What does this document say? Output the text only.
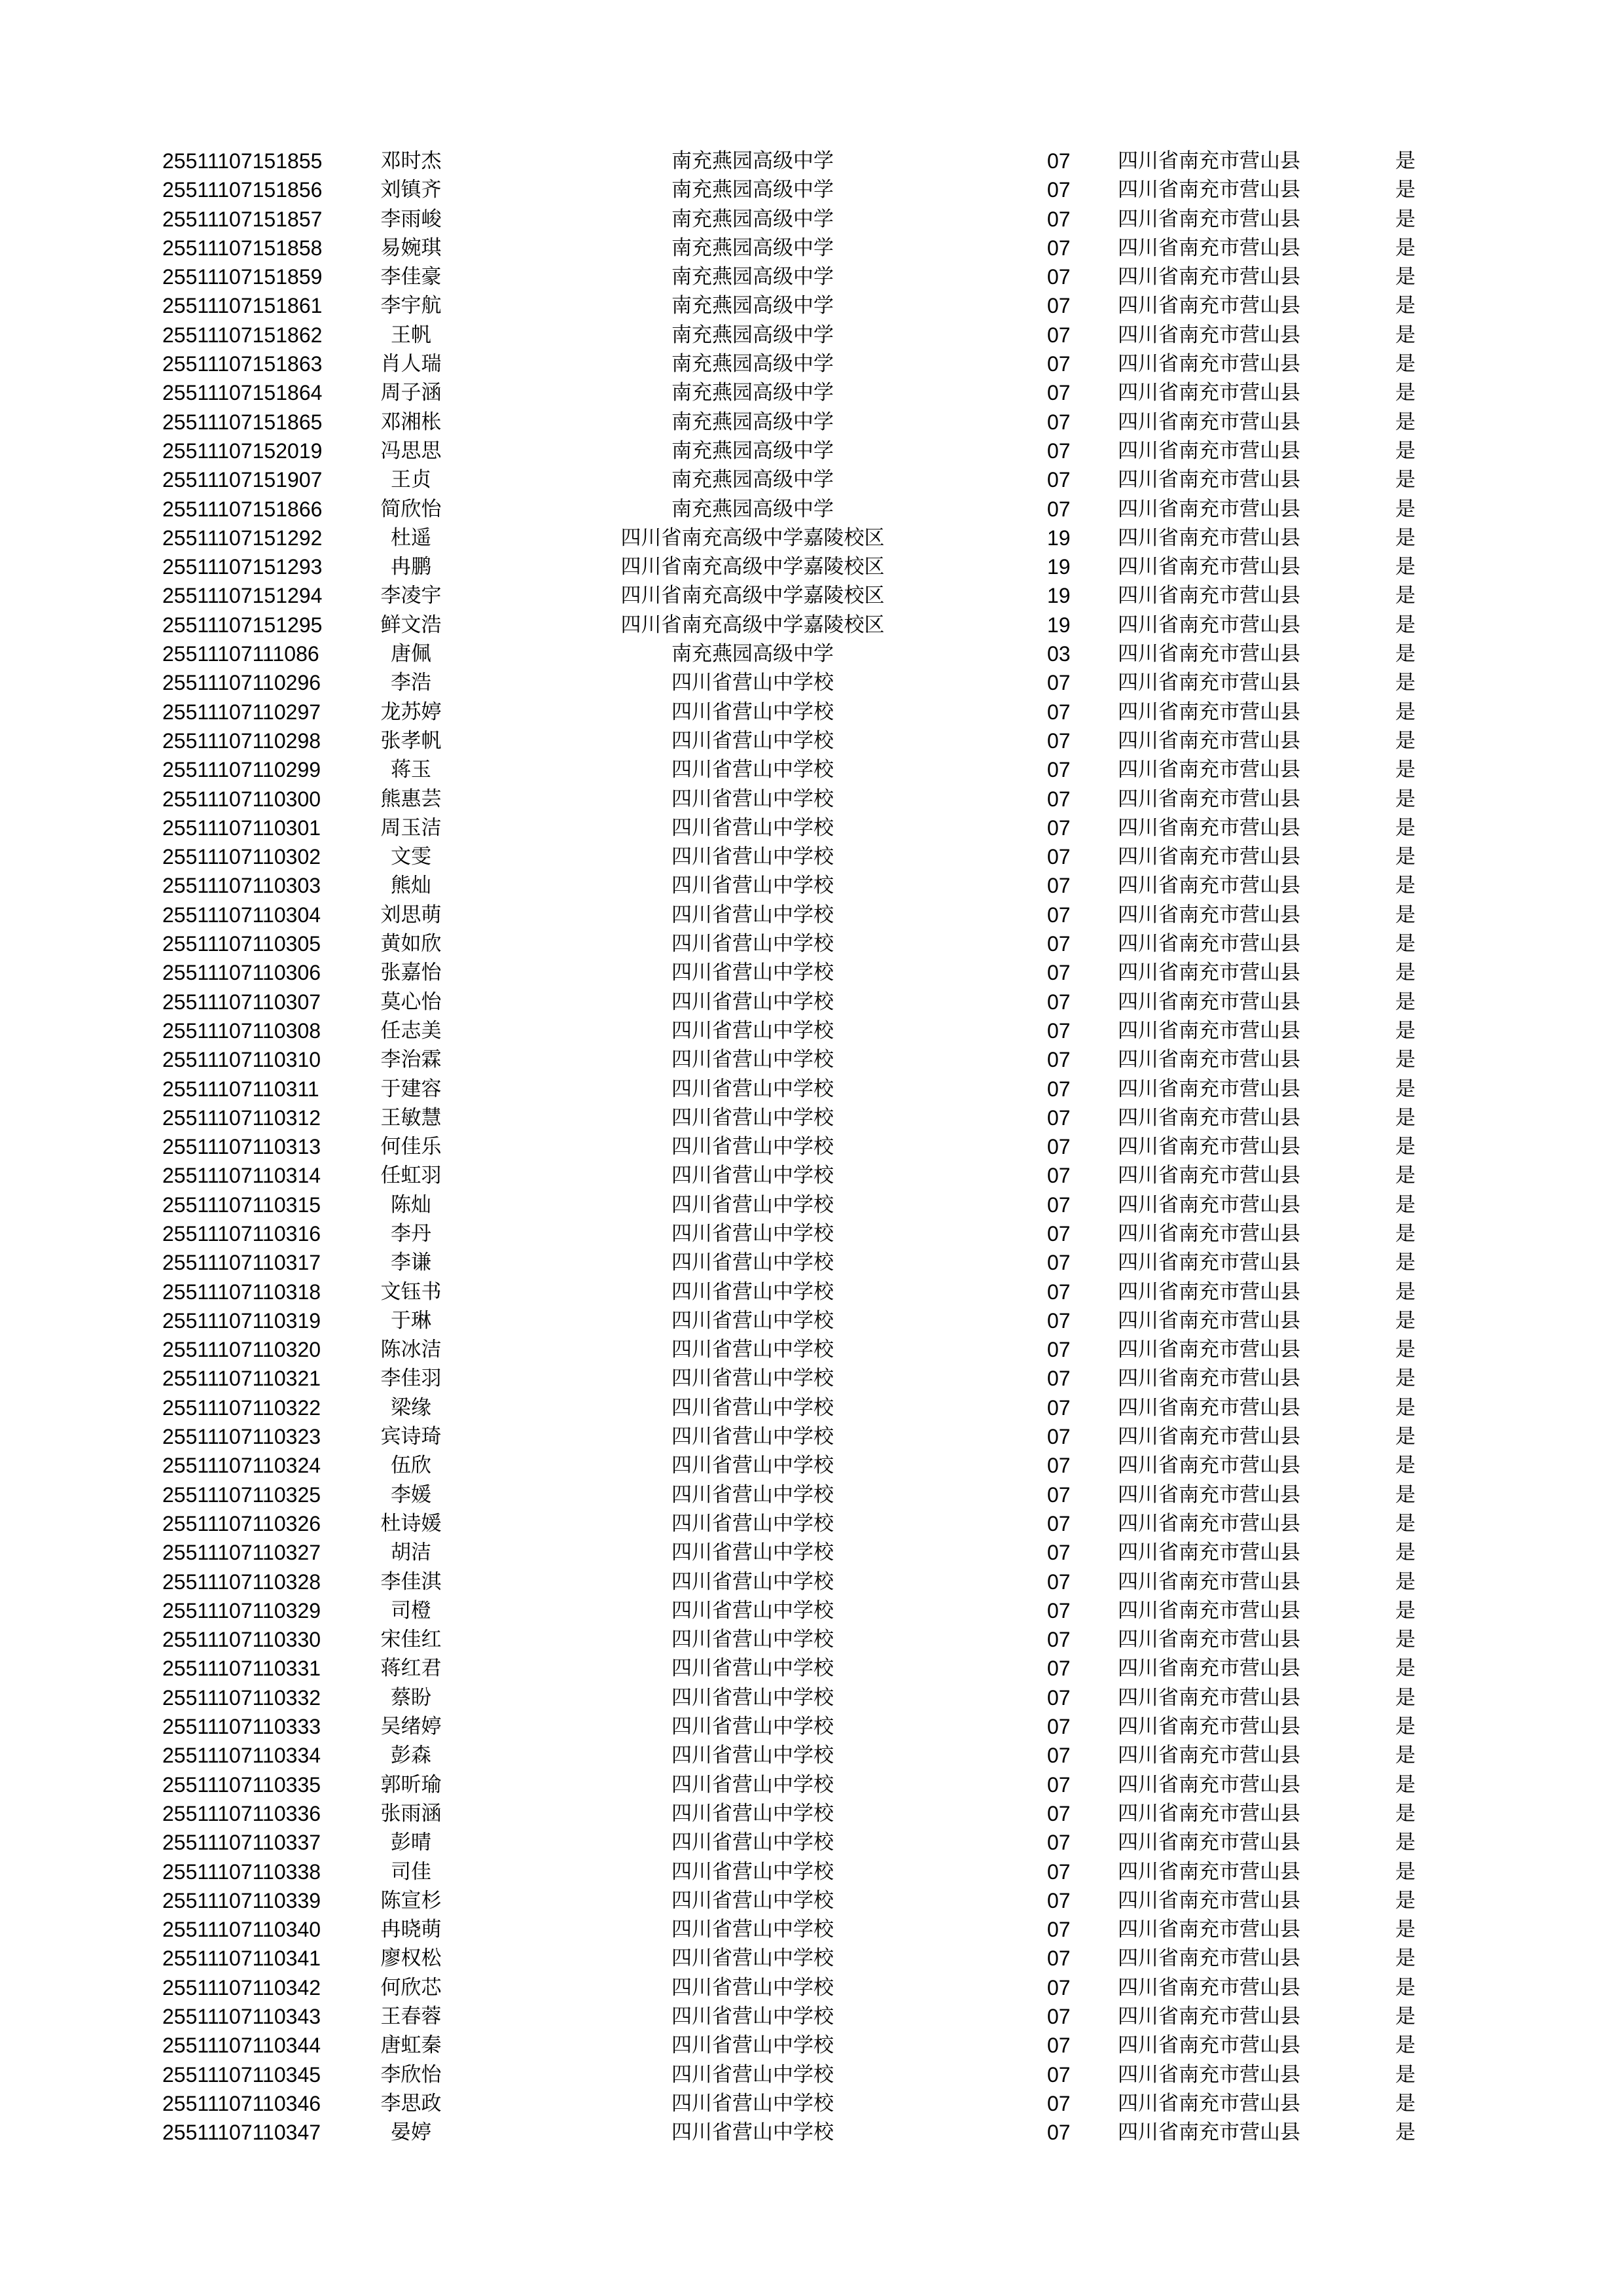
25511107151855	邓时杰	南充燕园高级中学	07	四川省南充市营山县	是
25511107151856	刘镇齐	南充燕园高级中学	07	四川省南充市营山县	是
25511107151857	李雨峻	南充燕园高级中学	07	四川省南充市营山县	是
25511107151858	易婉琪	南充燕园高级中学	07	四川省南充市营山县	是
25511107151859	李佳豪	南充燕园高级中学	07	四川省南充市营山县	是
25511107151861	李宇航	南充燕园高级中学	07	四川省南充市营山县	是
25511107151862	王帆	南充燕园高级中学	07	四川省南充市营山县	是
25511107151863	肖人瑞	南充燕园高级中学	07	四川省南充市营山县	是
25511107151864	周子涵	南充燕园高级中学	07	四川省南充市营山县	是
25511107151865	邓湘枨	南充燕园高级中学	07	四川省南充市营山县	是
25511107152019	冯思思	南充燕园高级中学	07	四川省南充市营山县	是
25511107151907	王贞	南充燕园高级中学	07	四川省南充市营山县	是
25511107151866	简欣怡	南充燕园高级中学	07	四川省南充市营山县	是
25511107151292	杜遥	四川省南充高级中学嘉陵校区	19	四川省南充市营山县	是
25511107151293	冉鹏	四川省南充高级中学嘉陵校区	19	四川省南充市营山县	是
25511107151294	李凌宇	四川省南充高级中学嘉陵校区	19	四川省南充市营山县	是
25511107151295	鲜文浩	四川省南充高级中学嘉陵校区	19	四川省南充市营山县	是
25511107111086	唐佩	南充燕园高级中学	03	四川省南充市营山县	是
25511107110296	李浩	四川省营山中学校	07	四川省南充市营山县	是
25511107110297	龙苏婷	四川省营山中学校	07	四川省南充市营山县	是
25511107110298	张孝帆	四川省营山中学校	07	四川省南充市营山县	是
25511107110299	蒋玉	四川省营山中学校	07	四川省南充市营山县	是
25511107110300	熊惠芸	四川省营山中学校	07	四川省南充市营山县	是
25511107110301	周玉洁	四川省营山中学校	07	四川省南充市营山县	是
25511107110302	文雯	四川省营山中学校	07	四川省南充市营山县	是
25511107110303	熊灿	四川省营山中学校	07	四川省南充市营山县	是
25511107110304	刘思萌	四川省营山中学校	07	四川省南充市营山县	是
25511107110305	黄如欣	四川省营山中学校	07	四川省南充市营山县	是
25511107110306	张嘉怡	四川省营山中学校	07	四川省南充市营山县	是
25511107110307	莫心怡	四川省营山中学校	07	四川省南充市营山县	是
25511107110308	任志美	四川省营山中学校	07	四川省南充市营山县	是
25511107110310	李治霖	四川省营山中学校	07	四川省南充市营山县	是
25511107110311	于建容	四川省营山中学校	07	四川省南充市营山县	是
25511107110312	王敏慧	四川省营山中学校	07	四川省南充市营山县	是
25511107110313	何佳乐	四川省营山中学校	07	四川省南充市营山县	是
25511107110314	任虹羽	四川省营山中学校	07	四川省南充市营山县	是
25511107110315	陈灿	四川省营山中学校	07	四川省南充市营山县	是
25511107110316	李丹	四川省营山中学校	07	四川省南充市营山县	是
25511107110317	李谦	四川省营山中学校	07	四川省南充市营山县	是
25511107110318	文钰书	四川省营山中学校	07	四川省南充市营山县	是
25511107110319	于琳	四川省营山中学校	07	四川省南充市营山县	是
25511107110320	陈冰洁	四川省营山中学校	07	四川省南充市营山县	是
25511107110321	李佳羽	四川省营山中学校	07	四川省南充市营山县	是
25511107110322	梁缘	四川省营山中学校	07	四川省南充市营山县	是
25511107110323	宾诗琦	四川省营山中学校	07	四川省南充市营山县	是
25511107110324	伍欣	四川省营山中学校	07	四川省南充市营山县	是
25511107110325	李媛	四川省营山中学校	07	四川省南充市营山县	是
25511107110326	杜诗媛	四川省营山中学校	07	四川省南充市营山县	是
25511107110327	胡洁	四川省营山中学校	07	四川省南充市营山县	是
25511107110328	李佳淇	四川省营山中学校	07	四川省南充市营山县	是
25511107110329	司橙	四川省营山中学校	07	四川省南充市营山县	是
25511107110330	宋佳红	四川省营山中学校	07	四川省南充市营山县	是
25511107110331	蒋红君	四川省营山中学校	07	四川省南充市营山县	是
25511107110332	蔡盼	四川省营山中学校	07	四川省南充市营山县	是
25511107110333	吴绪婷	四川省营山中学校	07	四川省南充市营山县	是
25511107110334	彭森	四川省营山中学校	07	四川省南充市营山县	是
25511107110335	郭昕瑜	四川省营山中学校	07	四川省南充市营山县	是
25511107110336	张雨涵	四川省营山中学校	07	四川省南充市营山县	是
25511107110337	彭晴	四川省营山中学校	07	四川省南充市营山县	是
25511107110338	司佳	四川省营山中学校	07	四川省南充市营山县	是
25511107110339	陈宣杉	四川省营山中学校	07	四川省南充市营山县	是
25511107110340	冉晓萌	四川省营山中学校	07	四川省南充市营山县	是
25511107110341	廖权松	四川省营山中学校	07	四川省南充市营山县	是
25511107110342	何欣芯	四川省营山中学校	07	四川省南充市营山县	是
25511107110343	王春蓉	四川省营山中学校	07	四川省南充市营山县	是
25511107110344	唐虹秦	四川省营山中学校	07	四川省南充市营山县	是
25511107110345	李欣怡	四川省营山中学校	07	四川省南充市营山县	是
25511107110346	李思政	四川省营山中学校	07	四川省南充市营山县	是
25511107110347	晏婷	四川省营山中学校	07	四川省南充市营山县	是
